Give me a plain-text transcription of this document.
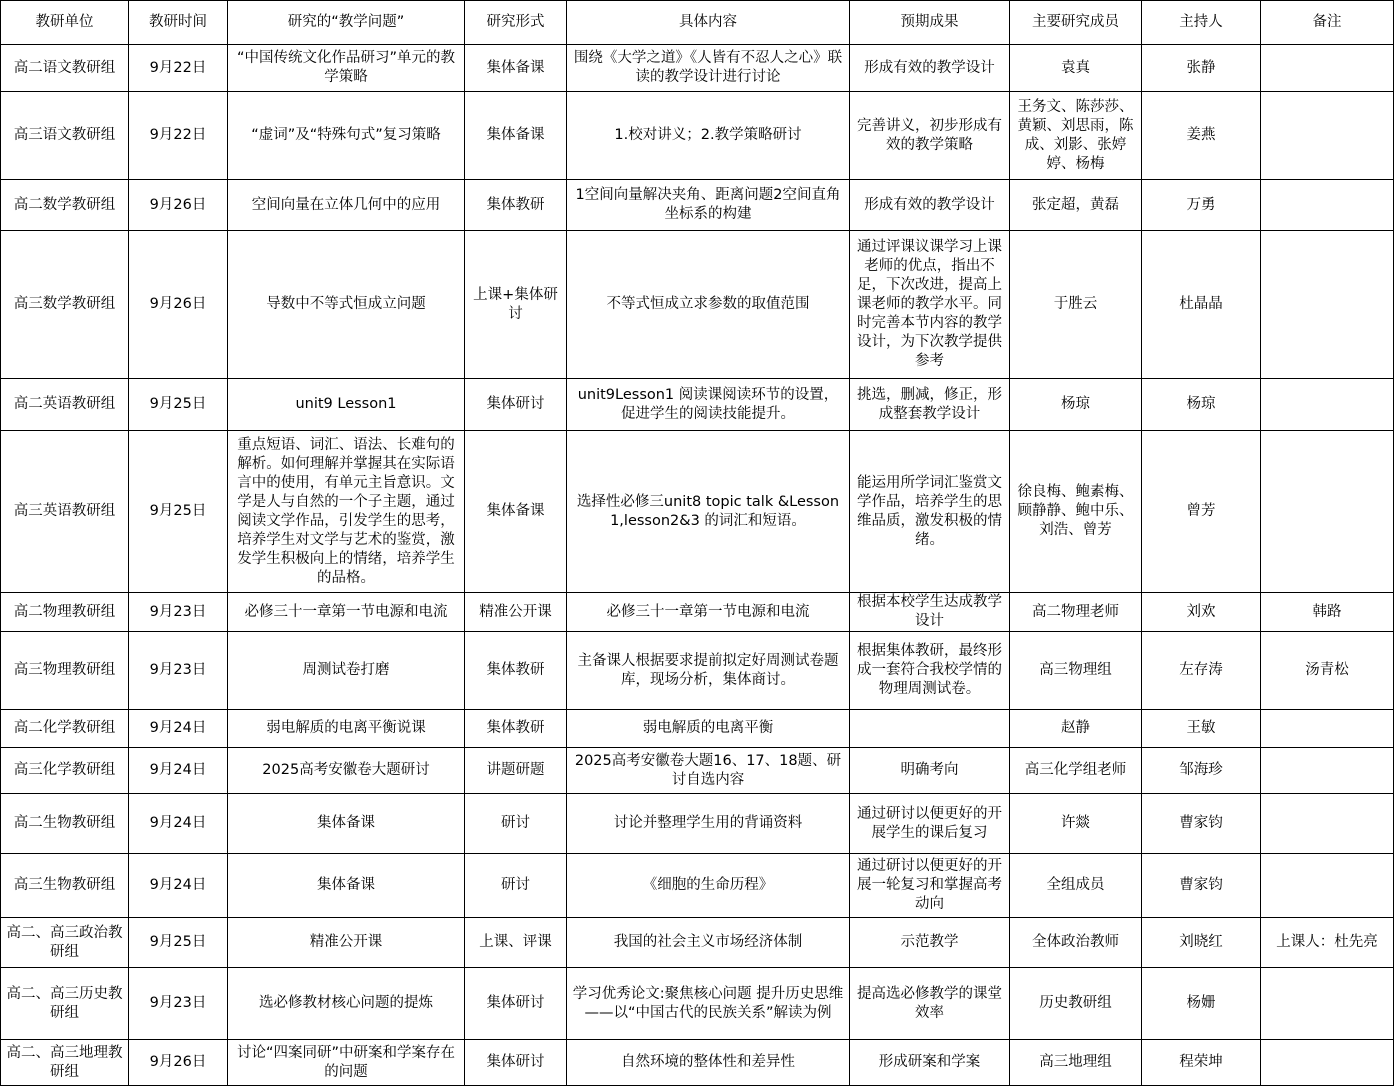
教研单位	教研时间	研究的“教学问题”	研究形式	具体内容	预期成果	主要研究成员	主持人	备注
高二语文教研组	9月22日	“中国传统文化作品研习”单元的教学策略	集体备课	围绕《大学之道》《人皆有不忍人之心》联读的教学设计进行讨论	形成有效的教学设计	袁真	张静	
高三语文教研组	9月22日	“虚词”及“特殊句式”复习策略	集体备课	1.校对讲义；2.教学策略研讨	完善讲义，初步形成有效的教学策略	王务文、陈莎莎、黄颖、刘思雨，陈成、刘影、张婷婷、杨梅	姜燕	
高二数学教研组	9月26日	空间向量在立体几何中的应用	集体教研	1空间向量解决夹角、距离问题2空间直角坐标系的构建	形成有效的教学设计	张定超，黄磊	万勇	
高三数学教研组	9月26日	导数中不等式恒成立问题	上课+集体研讨	不等式恒成立求参数的取值范围	通过评课议课学习上课老师的优点，指出不足，下次改进，提高上课老师的教学水平。同时完善本节内容的教学设计，为下次教学提供参考	于胜云	杜晶晶	
高二英语教研组	9月25日	unit9 Lesson1	集体研讨	unit9Lesson1 阅读课阅读环节的设置，促进学生的阅读技能提升。	挑选，删减，修正，形成整套教学设计	杨琼	杨琼	
高三英语教研组	9月25日	重点短语、词汇、语法、长难句的解析。如何理解并掌握其在实际语言中的使用，有单元主旨意识。文学是人与自然的一个子主题，通过阅读文学作品，引发学生的思考，培养学生对文学与艺术的鉴赏，激发学生积极向上的情绪，培养学生的品格。	集体备课	选择性必修三unit8 topic talk &Lesson 1,lesson2&3 的词汇和短语。	能运用所学词汇鉴赏文学作品，培养学生的思维品质，激发积极的情绪。	徐良梅、鲍素梅、顾静静、鲍中乐、刘浩、曾芳	曾芳	
高二物理教研组	9月23日	必修三十一章第一节电源和电流	精准公开课	必修三十一章第一节电源和电流	根据本校学生达成教学设计	高二物理老师	刘欢	韩路
高三物理教研组	9月23日	周测试卷打磨	集体教研	主备课人根据要求提前拟定好周测试卷题库，现场分析，集体商讨。	根据集体教研，最终形成一套符合我校学情的物理周测试卷。	高三物理组	左存涛	汤青松
高二化学教研组	9月24日	弱电解质的电离平衡说课	集体教研	弱电解质的电离平衡		赵静	王敏	
高三化学教研组	9月24日	2025高考安徽卷大题研讨	讲题研题	2025高考安徽卷大题16、17、18题、研讨自选内容	明确考向	高三化学组老师	邹海珍	
高二生物教研组	9月24日	集体备课	研讨	讨论并整理学生用的背诵资料	通过研讨以便更好的开展学生的课后复习	许燚	曹家钧	
高三生物教研组	9月24日	集体备课	研讨	《细胞的生命历程》	通过研讨以便更好的开展一轮复习和掌握高考动向	全组成员	曹家钧	
高二、高三政治教研组	9月25日	精准公开课	上课、评课	我国的社会主义市场经济体制	示范教学	全体政治教师	刘晓红	上课人：杜先亮
高二、高三历史教研组	9月23日	选必修教材核心问题的提炼	集体研讨	学习优秀论文:聚焦核心问题 提升历史思维——以“中国古代的民族关系”解读为例	提高选必修教学的课堂效率	历史教研组	杨姗	
高二、高三地理教研组	9月26日	讨论“四案同研”中研案和学案存在的问题	集体研讨	自然环境的整体性和差异性	形成研案和学案	高三地理组	程荣坤	
